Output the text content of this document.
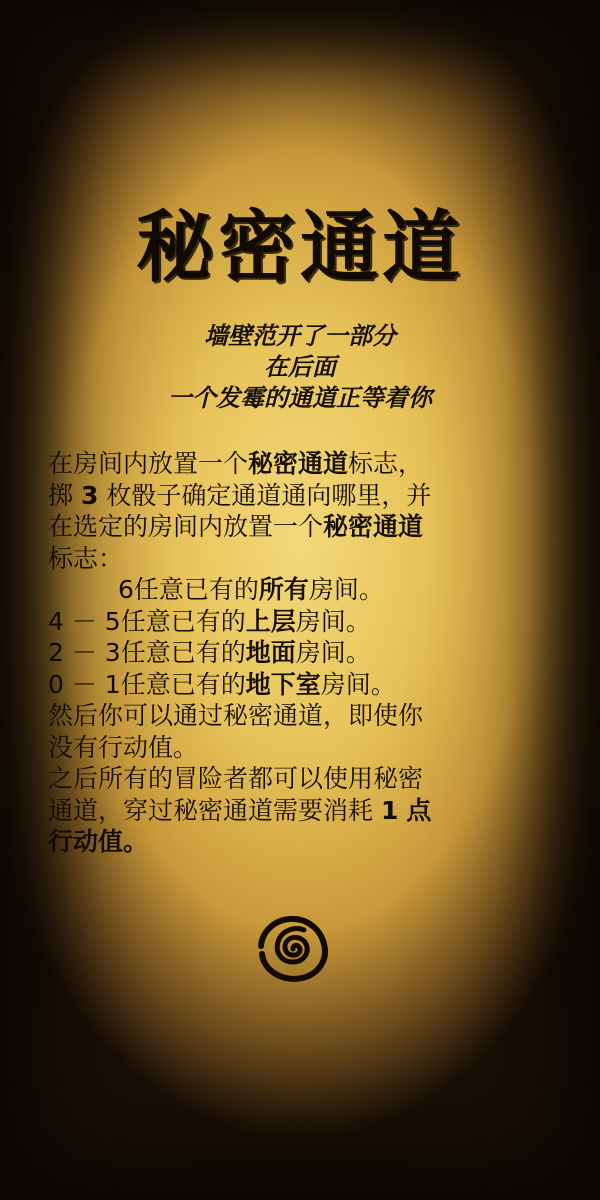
秘密通道
墙壁范开了一部分
在后面
一个发霉的通道正等着你
在房间内放置一个秘密通道标志，
掷 3 枚骰子确定通道通向哪里，并
在选定的房间内放置一个秘密通道
标志：
6任意已有的所有房间。
4 － 5任意已有的上层房间。
2 － 3任意已有的地面房间。
0 － 1任意已有的地下室房间。
然后你可以通过秘密通道，即使你
没有行动值。
之后所有的冒险者都可以使用秘密
通道，穿过秘密通道需要消耗 1 点
行动值。
